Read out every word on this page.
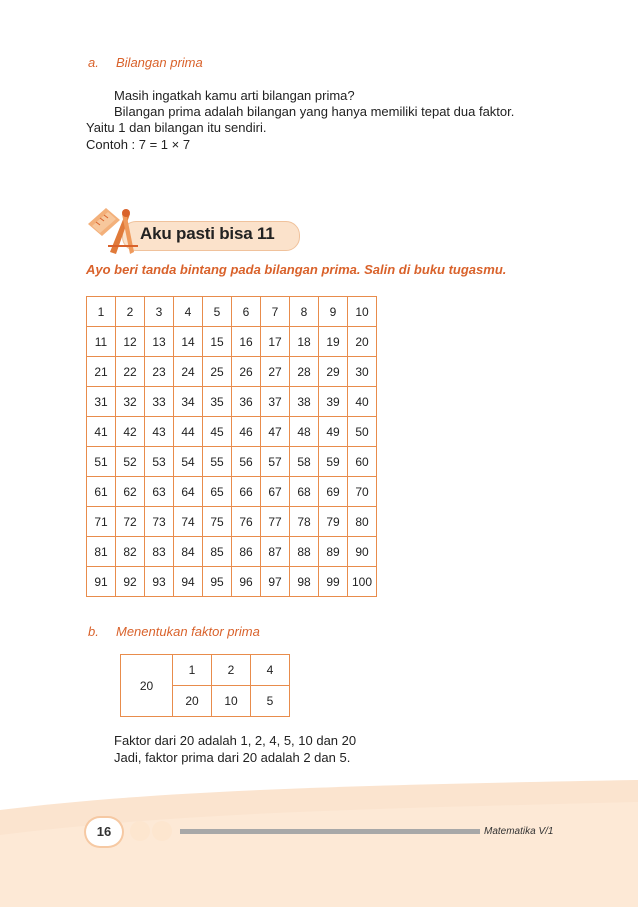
a. Bilangan prima
Masih ingatkah kamu arti bilangan prima?
Bilangan prima adalah bilangan yang hanya memiliki tepat dua faktor.
Yaitu 1 dan bilangan itu sendiri.
Contoh : 7 = 1 × 7
Aku pasti bisa 11
Ayo beri tanda bintang pada bilangan prima. Salin di buku tugasmu.
1	2	3	4	5	6	7	8	9	10
11	12	13	14	15	16	17	18	19	20
21	22	23	24	25	26	27	28	29	30
31	32	33	34	35	36	37	38	39	40
41	42	43	44	45	46	47	48	49	50
51	52	53	54	55	56	57	58	59	60
61	62	63	64	65	66	67	68	69	70
71	72	73	74	75	76	77	78	79	80
81	82	83	84	85	86	87	88	89	90
91	92	93	94	95	96	97	98	99	100
b. Menentukan faktor prima
20	1	2	4
	20	10	5
Faktor dari 20 adalah 1, 2, 4, 5, 10 dan 20
Jadi, faktor prima dari 20 adalah 2 dan 5.
16	Matematika V/1
